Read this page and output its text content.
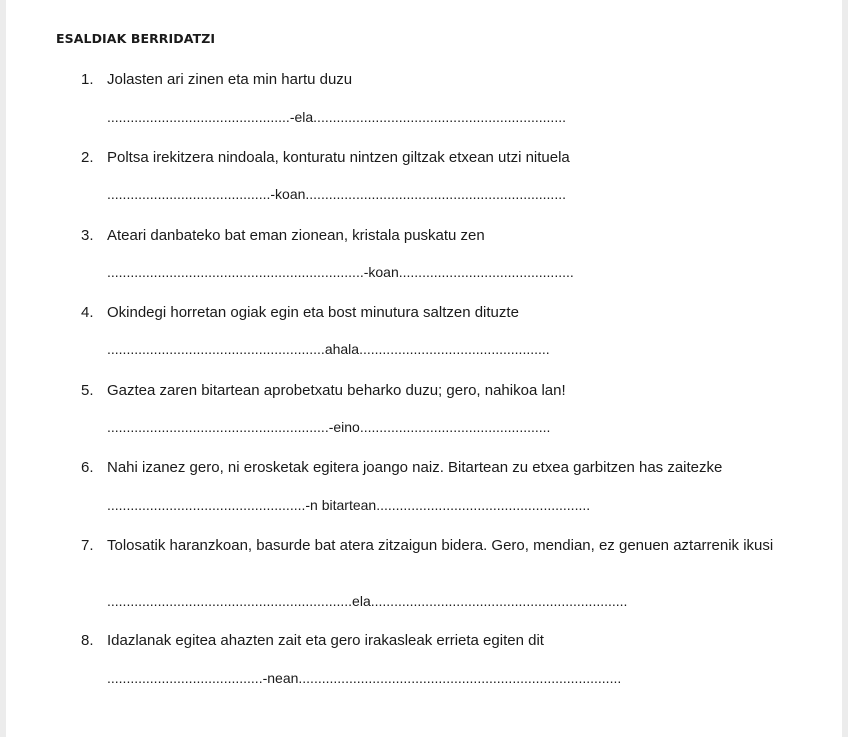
ESALDIAK BERRIDATZI
1. Jolasten ari zinen eta min hartu duzu
...............................................-ela.................................................................
2. Poltsa irekitzera nindoala, konturatu nintzen giltzak etxean utzi nituela
..........................................-koan...................................................................
3. Ateari danbateko bat eman zionean, kristala puskatu zen
..................................................................-koan.............................................
4. Okindegi horretan ogiak egin eta bost minutura saltzen dituzte
........................................................ahala.................................................
5. Gaztea zaren bitartean aprobetxatu beharko duzu; gero, nahikoa lan!
.........................................................-eino.................................................
6. Nahi izanez gero, ni erosketak egitera joango naiz. Bitartean zu etxea garbitzen has zaitezke
...................................................-n bitartean.......................................................
7. Tolosatik haranzkoan, basurde bat atera zitzaigun bidera. Gero, mendian, ez genuen aztarrenik ikusi
...............................................................ela..................................................................
8. Idazlanak egitea ahazten zait eta gero irakasleak errieta egiten dit
........................................-nean...................................................................................
